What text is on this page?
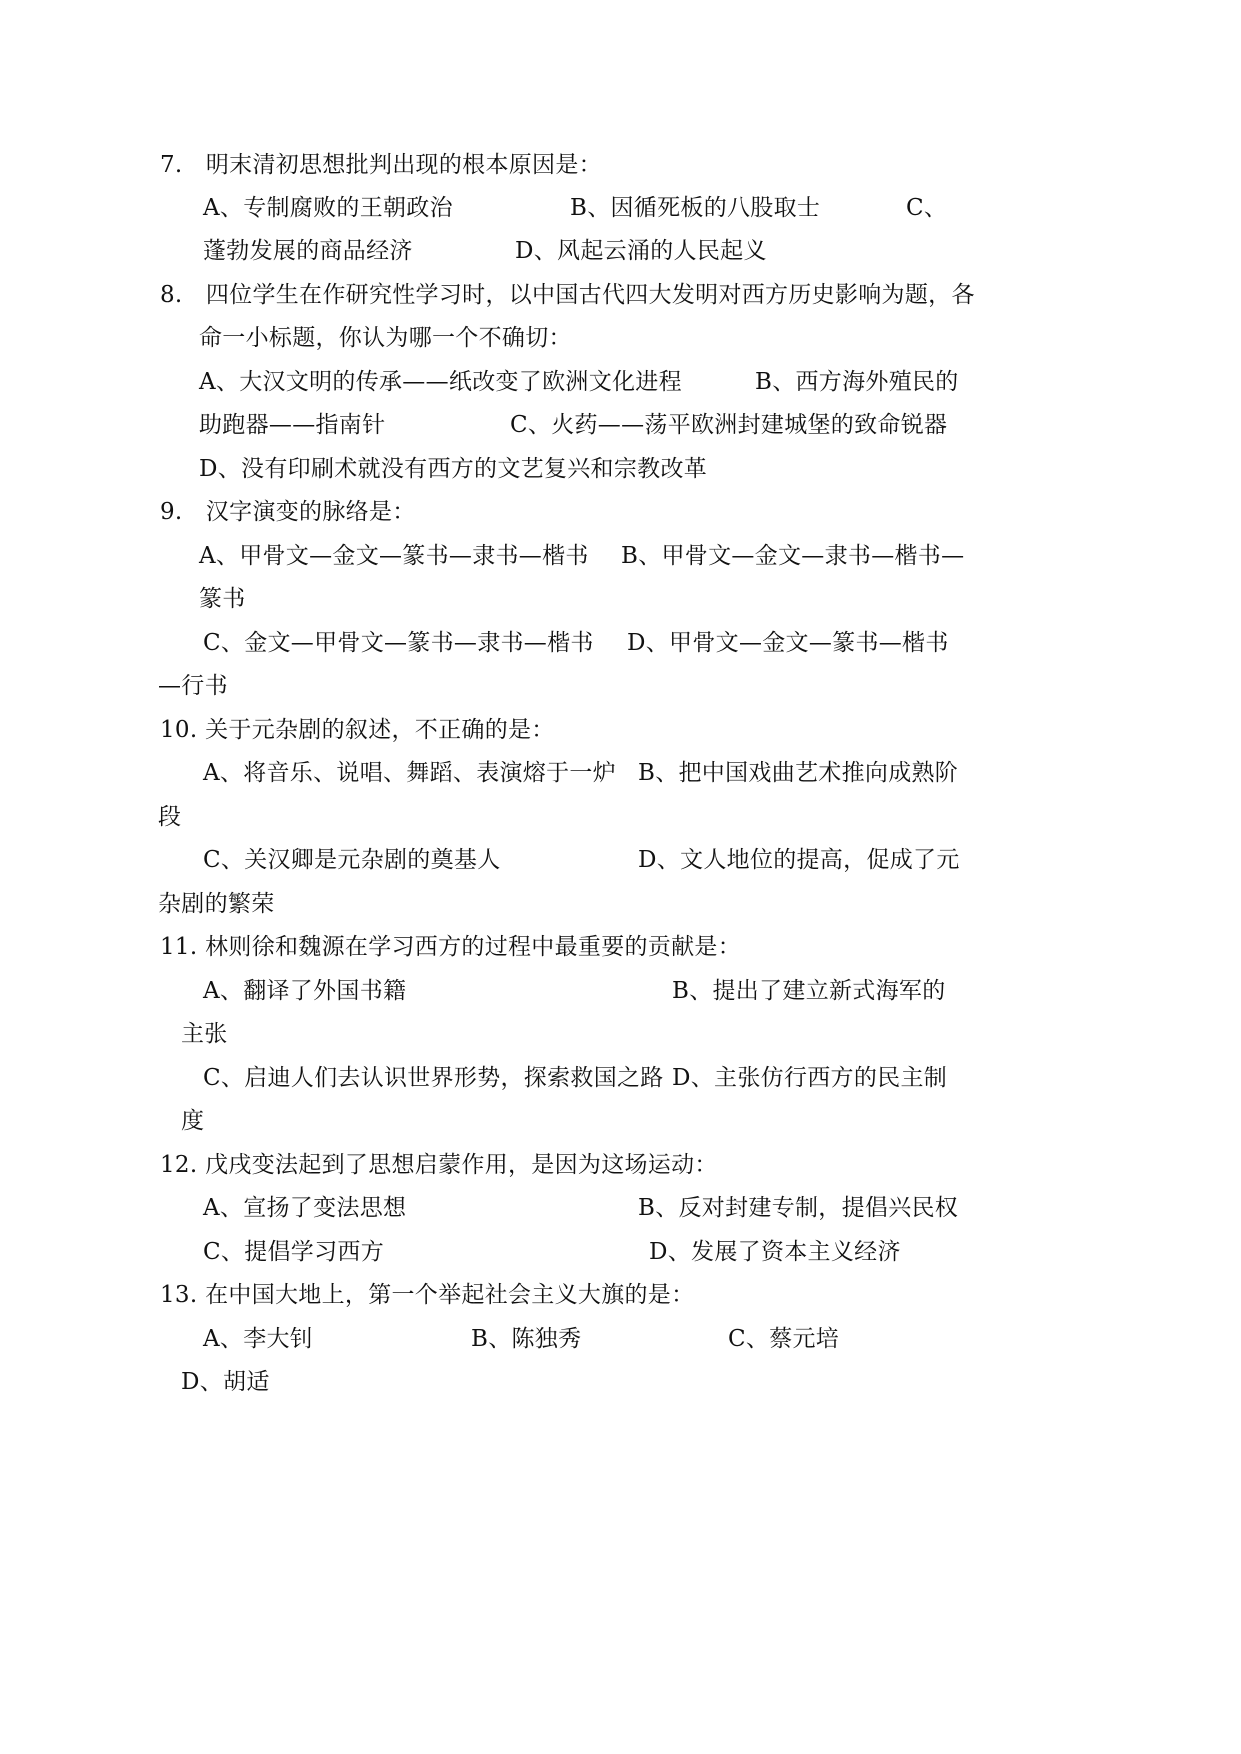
7.　明末清初思想批判出现的根本原因是：
A、专制腐败的王朝政治	B、因循死板的八股取士	C、
蓬勃发展的商品经济	D、风起云涌的人民起义
8.　四位学生在作研究性学习时，以中国古代四大发明对西方历史影响为题，各
命一小标题，你认为哪一个不确切：
A、大汉文明的传承——纸改变了欧洲文化进程	B、西方海外殖民的
助跑器——指南针	C、火药——荡平欧洲封建城堡的致命锐器
D、没有印刷术就没有西方的文艺复兴和宗教改革
9.　汉字演变的脉络是：
A、甲骨文—金文—篆书—隶书—楷书 B、甲骨文—金文—隶书—楷书—
篆书
C、金文—甲骨文—篆书—隶书—楷书 D、甲骨文—金文—篆书—楷书
—行书
10. 关于元杂剧的叙述，不正确的是：
A、将音乐、说唱、舞蹈、表演熔于一炉 B、把中国戏曲艺术推向成熟阶
段
C、关汉卿是元杂剧的奠基人	D、文人地位的提高，促成了元
杂剧的繁荣
11. 林则徐和魏源在学习西方的过程中最重要的贡献是：
A、翻译了外国书籍	B、提出了建立新式海军的
主张
C、启迪人们去认识世界形势，探索救国之路 D、主张仿行西方的民主制
度
12. 戊戌变法起到了思想启蒙作用，是因为这场运动：
A、宣扬了变法思想	B、反对封建专制，提倡兴民权
C、提倡学习西方	D、发展了资本主义经济
13. 在中国大地上，第一个举起社会主义大旗的是：
A、李大钊	B、陈独秀	C、蔡元培
D、胡适
